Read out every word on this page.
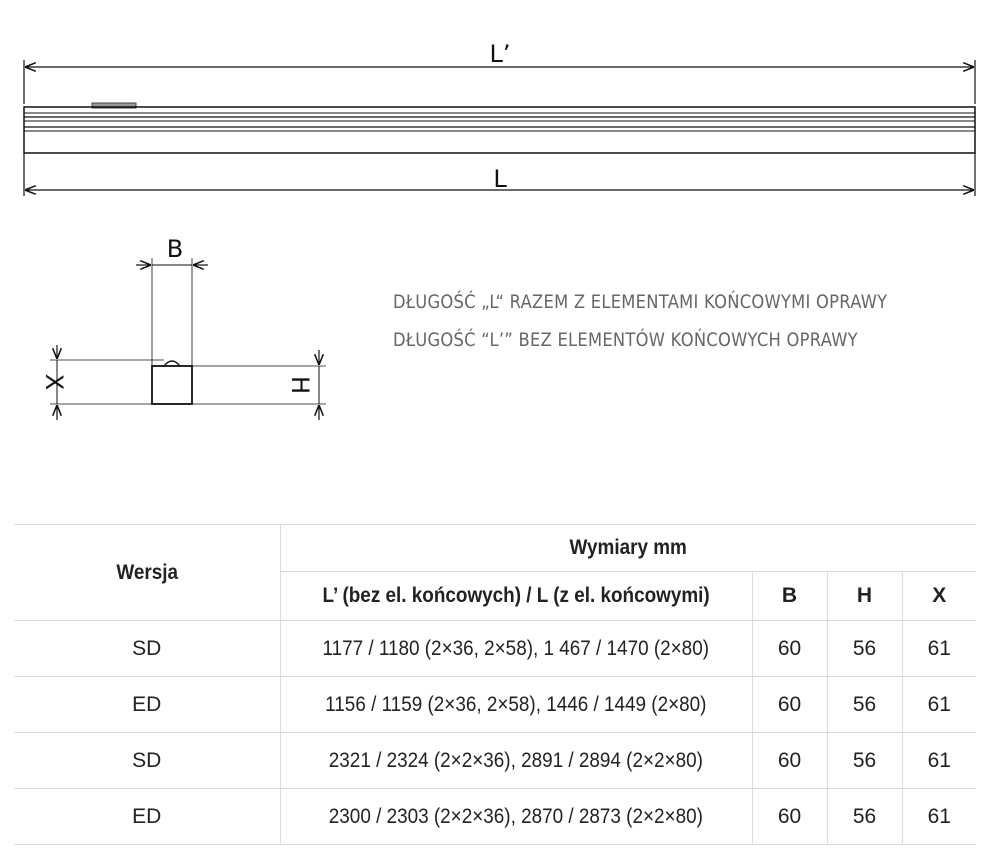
L’
L
B
X	H
DŁUGOŚĆ „L“ RAZEM Z ELEMENTAMI KOŃCOWYMI OPRAWY
DŁUGOŚĆ “L’” BEZ ELEMENTÓW KOŃCOWYCH OPRAWY
Wersja	Wymiary mm			
	L’ (bez el. końcowych) / L (z el. końcowymi)	B	H	X
SD	1177 / 1180 (2×36, 2×58), 1 467 / 1470 (2×80)	60	56	61
ED	1156 / 1159 (2×36, 2×58), 1446 / 1449 (2×80)	60	56	61
SD	2321 / 2324 (2×2×36), 2891 / 2894 (2×2×80)	60	56	61
ED	2300 / 2303 (2×2×36), 2870 / 2873 (2×2×80)	60	56	61
